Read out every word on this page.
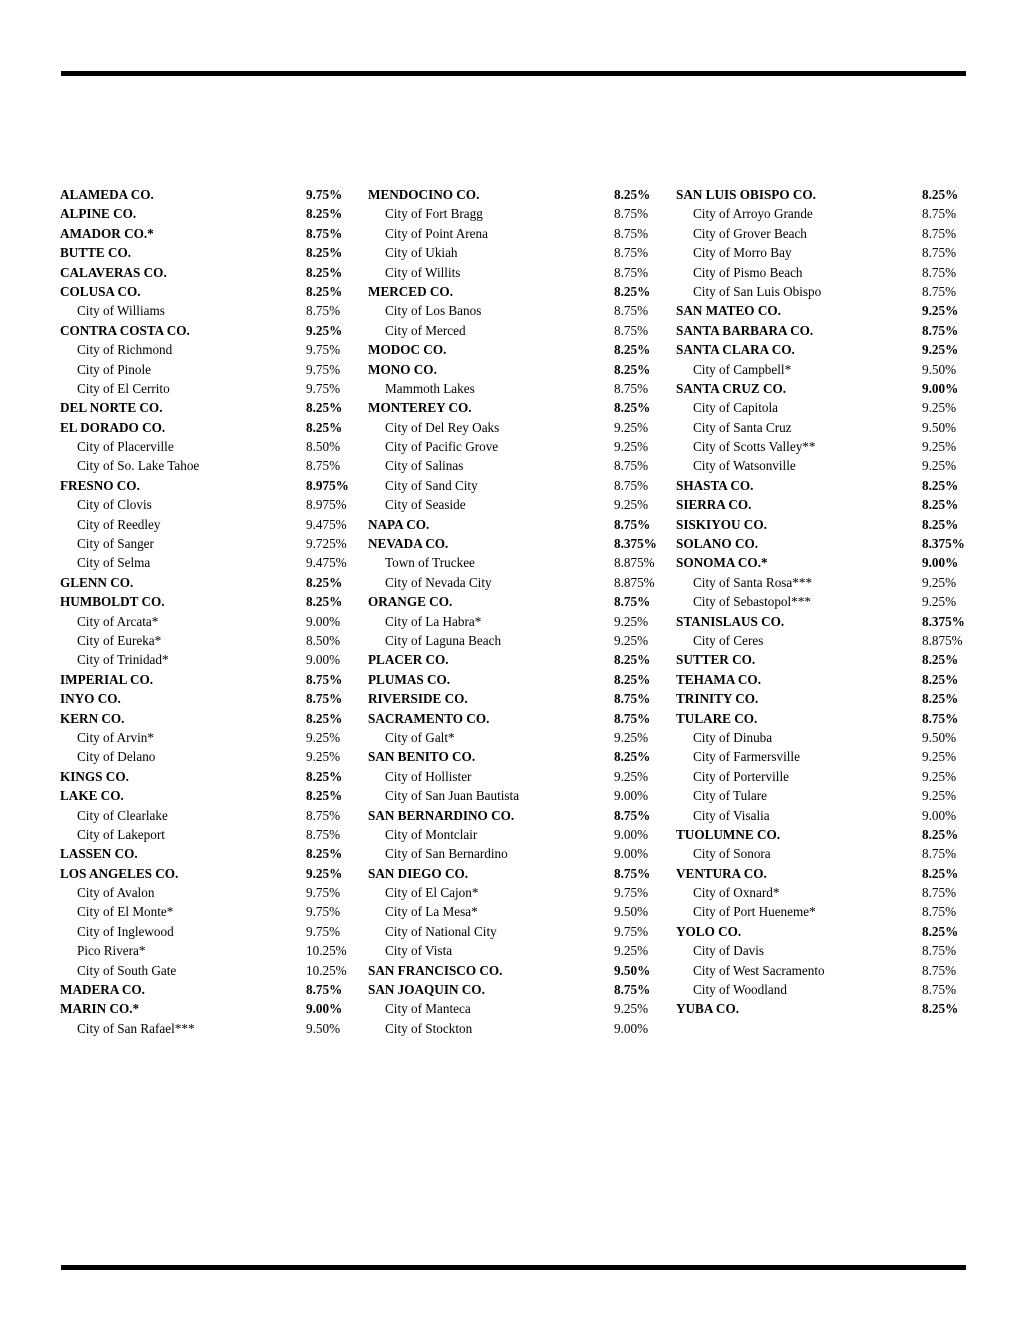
ALAMEDA CO.	9.75%
ALPINE CO.	8.25%
AMADOR CO.*	8.75%
BUTTE CO.	8.25%
CALAVERAS CO.	8.25%
COLUSA CO.	8.25%
City of Williams	8.75%
CONTRA COSTA CO.	9.25%
City of Richmond	9.75%
City of Pinole	9.75%
City of El Cerrito	9.75%
DEL NORTE CO.	8.25%
EL DORADO CO.	8.25%
City of Placerville	8.50%
City of So. Lake Tahoe	8.75%
FRESNO CO.	8.975%
City of Clovis	8.975%
City of Reedley	9.475%
City of Sanger	9.725%
City of Selma	9.475%
GLENN CO.	8.25%
HUMBOLDT CO.	8.25%
City of Arcata*	9.00%
City of Eureka*	8.50%
City of Trinidad*	9.00%
IMPERIAL CO.	8.75%
INYO CO.	8.75%
KERN CO.	8.25%
City of Arvin*	9.25%
City of Delano	9.25%
KINGS CO.	8.25%
LAKE CO.	8.25%
City of Clearlake	8.75%
City of Lakeport	8.75%
LASSEN CO.	8.25%
LOS ANGELES CO.	9.25%
City of Avalon	9.75%
City of El Monte*	9.75%
City of Inglewood	9.75%
Pico Rivera*	10.25%
City of South Gate	10.25%
MADERA CO.	8.75%
MARIN CO.*	9.00%
City of San Rafael***	9.50%
MENDOCINO CO.	8.25%
City of Fort Bragg	8.75%
City of Point Arena	8.75%
City of Ukiah	8.75%
City of Willits	8.75%
MERCED CO.	8.25%
City of Los Banos	8.75%
City of Merced	8.75%
MODOC CO.	8.25%
MONO CO.	8.25%
Mammoth Lakes	8.75%
MONTEREY CO.	8.25%
City of Del Rey Oaks	9.25%
City of Pacific Grove	9.25%
City of Salinas	8.75%
City of Sand City	8.75%
City of Seaside	9.25%
NAPA CO.	8.75%
NEVADA CO.	8.375%
Town of Truckee	8.875%
City of Nevada City	8.875%
ORANGE CO.	8.75%
City of La Habra*	9.25%
City of Laguna Beach	9.25%
PLACER CO.	8.25%
PLUMAS CO.	8.25%
RIVERSIDE CO.	8.75%
SACRAMENTO CO.	8.75%
City of Galt*	9.25%
SAN BENITO CO.	8.25%
City of Hollister	9.25%
City of San Juan Bautista	9.00%
SAN BERNARDINO CO.	8.75%
City of Montclair	9.00%
City of San Bernardino	9.00%
SAN DIEGO CO.	8.75%
City of El Cajon*	9.75%
City of La Mesa*	9.50%
City of National City	9.75%
City of Vista	9.25%
SAN FRANCISCO CO.	9.50%
SAN JOAQUIN CO.	8.75%
City of Manteca	9.25%
City of Stockton	9.00%
SAN LUIS OBISPO CO.	8.25%
City of Arroyo Grande	8.75%
City of Grover Beach	8.75%
City of Morro Bay	8.75%
City of Pismo Beach	8.75%
City of San Luis Obispo	8.75%
SAN MATEO CO.	9.25%
SANTA BARBARA CO.	8.75%
SANTA CLARA CO.	9.25%
City of Campbell*	9.50%
SANTA CRUZ CO.	9.00%
City of Capitola	9.25%
City of Santa Cruz	9.50%
City of Scotts Valley**	9.25%
City of Watsonville	9.25%
SHASTA CO.	8.25%
SIERRA CO.	8.25%
SISKIYOU CO.	8.25%
SOLANO CO.	8.375%
SONOMA CO.*	9.00%
City of Santa Rosa***	9.25%
City of Sebastopol***	9.25%
STANISLAUS CO.	8.375%
City of Ceres	8.875%
SUTTER CO.	8.25%
TEHAMA CO.	8.25%
TRINITY CO.	8.25%
TULARE CO.	8.75%
City of Dinuba	9.50%
City of Farmersville	9.25%
City of Porterville	9.25%
City of Tulare	9.25%
City of Visalia	9.00%
TUOLUMNE CO.	8.25%
City of Sonora	8.75%
VENTURA CO.	8.25%
City of Oxnard*	8.75%
City of Port Hueneme*	8.75%
YOLO CO.	8.25%
City of Davis	8.75%
City of West Sacramento	8.75%
City of Woodland	8.75%
YUBA CO.	8.25%
